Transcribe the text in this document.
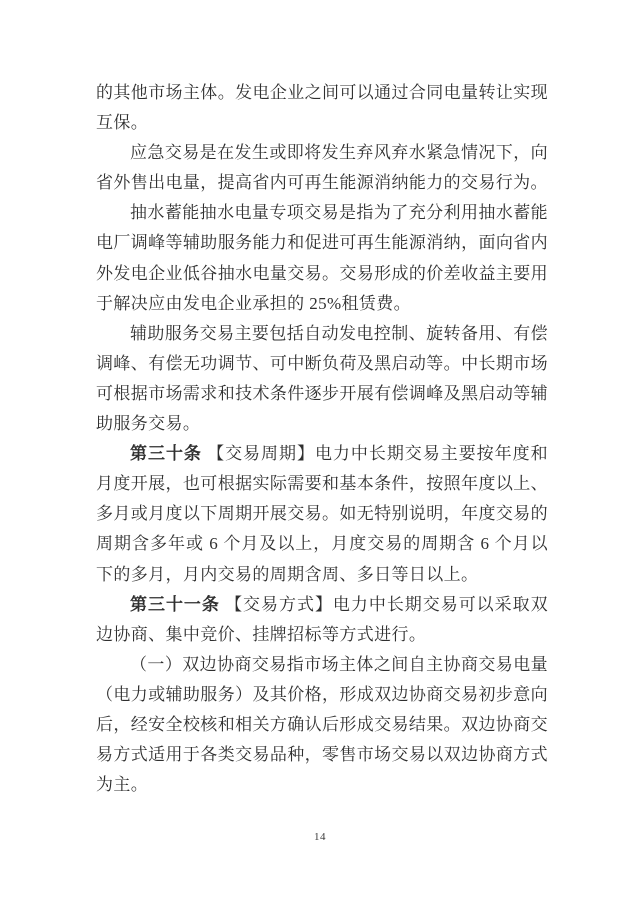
的其他市场主体。发电企业之间可以通过合同电量转让实现互保。

应急交易是在发生或即将发生弃风弃水紧急情况下，向省外售出电量，提高省内可再生能源消纳能力的交易行为。

抽水蓄能抽水电量专项交易是指为了充分利用抽水蓄能电厂调峰等辅助服务能力和促进可再生能源消纳，面向省内外发电企业低谷抽水电量交易。交易形成的价差收益主要用于解决应由发电企业承担的 25%租赁费。

辅助服务交易主要包括自动发电控制、旋转备用、有偿调峰、有偿无功调节、可中断负荷及黑启动等。中长期市场可根据市场需求和技术条件逐步开展有偿调峰及黑启动等辅助服务交易。

第三十条 【交易周期】电力中长期交易主要按年度和月度开展，也可根据实际需要和基本条件，按照年度以上、多月或月度以下周期开展交易。如无特别说明，年度交易的周期含多年或 6 个月及以上，月度交易的周期含 6 个月以下的多月，月内交易的周期含周、多日等日以上。

第三十一条 【交易方式】电力中长期交易可以采取双边协商、集中竞价、挂牌招标等方式进行。

（一）双边协商交易指市场主体之间自主协商交易电量（电力或辅助服务）及其价格，形成双边协商交易初步意向后，经安全校核和相关方确认后形成交易结果。双边协商交易方式适用于各类交易品种，零售市场交易以双边协商方式为主。

14
